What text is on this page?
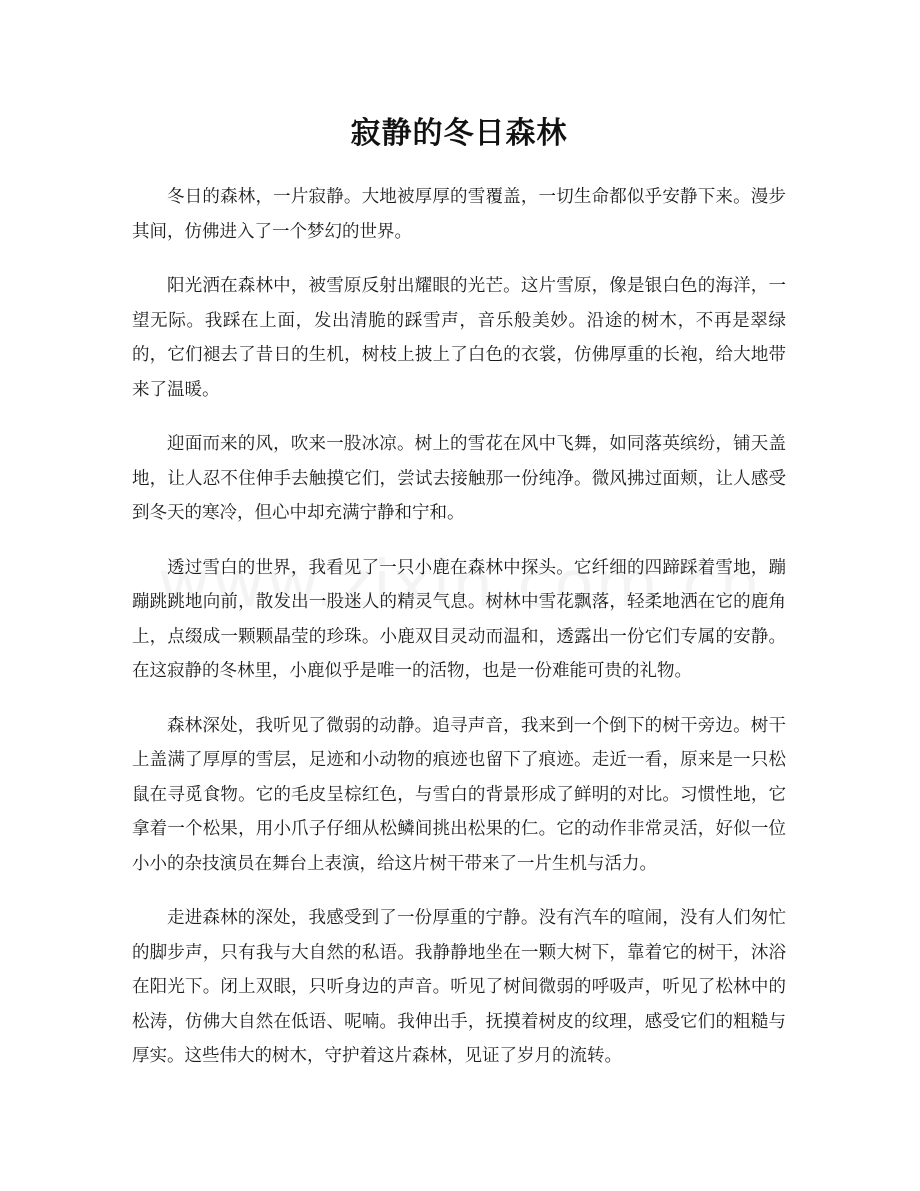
寂静的冬日森林

冬日的森林，一片寂静。大地被厚厚的雪覆盖，一切生命都似乎安静下来。漫步其间，仿佛进入了一个梦幻的世界。

阳光洒在森林中，被雪原反射出耀眼的光芒。这片雪原，像是银白色的海洋，一望无际。我踩在上面，发出清脆的踩雪声，音乐般美妙。沿途的树木，不再是翠绿的，它们褪去了昔日的生机，树枝上披上了白色的衣裳，仿佛厚重的长袍，给大地带来了温暖。

迎面而来的风，吹来一股冰凉。树上的雪花在风中飞舞，如同落英缤纷，铺天盖地，让人忍不住伸手去触摸它们，尝试去接触那一份纯净。微风拂过面颊，让人感受到冬天的寒冷，但心中却充满宁静和宁和。

透过雪白的世界，我看见了一只小鹿在森林中探头。它纤细的四蹄踩着雪地，蹦蹦跳跳地向前，散发出一股迷人的精灵气息。树林中雪花飘落，轻柔地洒在它的鹿角上，点缀成一颗颗晶莹的珍珠。小鹿双目灵动而温和，透露出一份它们专属的安静。在这寂静的冬林里，小鹿似乎是唯一的活物，也是一份难能可贵的礼物。

森林深处，我听见了微弱的动静。追寻声音，我来到一个倒下的树干旁边。树干上盖满了厚厚的雪层，足迹和小动物的痕迹也留下了痕迹。走近一看，原来是一只松鼠在寻觅食物。它的毛皮呈棕红色，与雪白的背景形成了鲜明的对比。习惯性地，它拿着一个松果，用小爪子仔细从松鳞间挑出松果的仁。它的动作非常灵活，好似一位小小的杂技演员在舞台上表演，给这片树干带来了一片生机与活力。

走进森林的深处，我感受到了一份厚重的宁静。没有汽车的喧闹，没有人们匆忙的脚步声，只有我与大自然的私语。我静静地坐在一颗大树下，靠着它的树干，沐浴在阳光下。闭上双眼，只听身边的声音。听见了树间微弱的呼吸声，听见了松林中的松涛，仿佛大自然在低语、呢喃。我伸出手，抚摸着树皮的纹理，感受它们的粗糙与厚实。这些伟大的树木，守护着这片森林，见证了岁月的流转。
